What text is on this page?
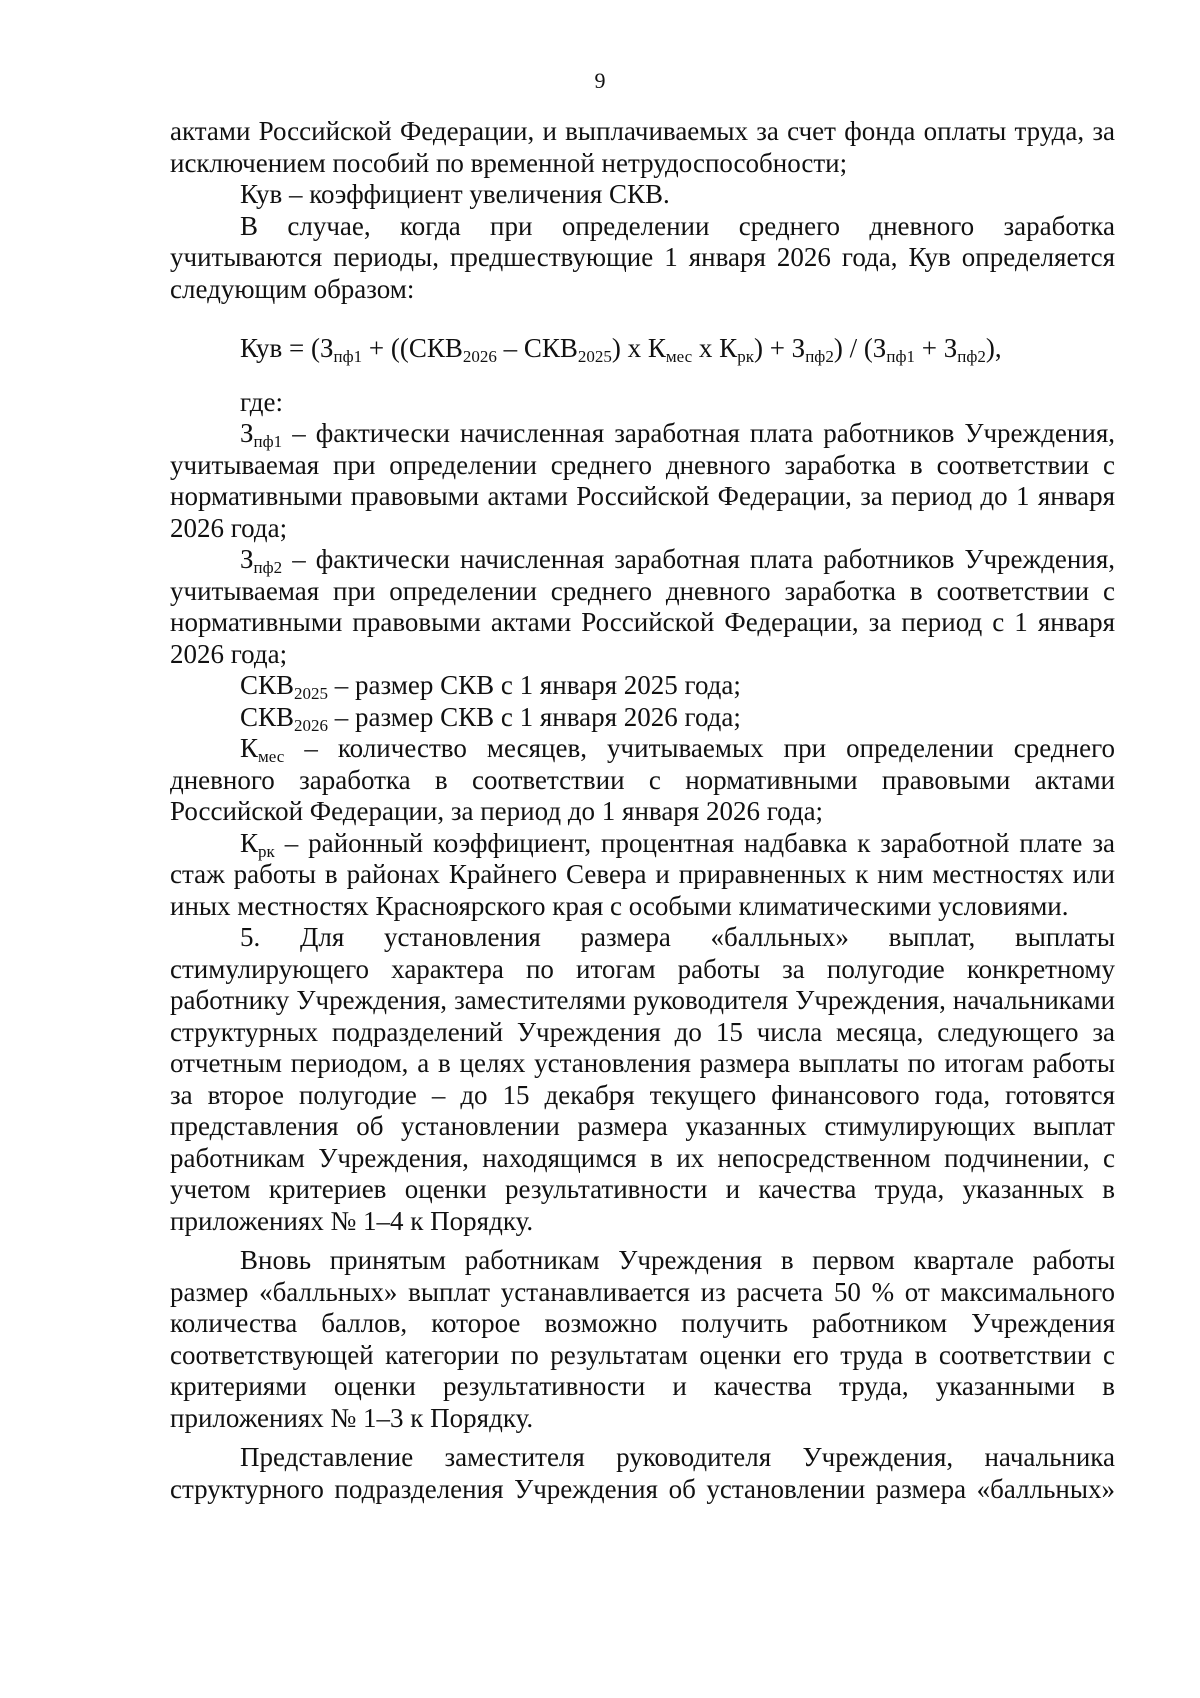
9

актами Российской Федерации, и выплачиваемых за счет фонда оплаты труда, за исключением пособий по временной нетрудоспособности;

Кув – коэффициент увеличения СКВ.

В случае, когда при определении среднего дневного заработка учитываются периоды, предшествующие 1 января 2026 года, Кув определяется следующим образом:

Кув = ($З_{пф1} + ((СКВ_{2026} - СКВ_{2025})$ х $К_{мес}$ х $К_{рк}) + З_{пф2}) / (З_{пф1} + З_{пф2})$,

где:

$З_{пф1}$ – фактически начисленная заработная плата работников Учреждения, учитываемая при определении среднего дневного заработка в соответствии с нормативными правовыми актами Российской Федерации, за период до 1 января 2026 года;

$З_{пф2}$ – фактически начисленная заработная плата работников Учреждения, учитываемая при определении среднего дневного заработка в соответствии с нормативными правовыми актами Российской Федерации, за период с 1 января 2026 года;

$СКВ_{2025}$ – размер СКВ с 1 января 2025 года;

$СКВ_{2026}$ – размер СКВ с 1 января 2026 года;

$К_{мес}$ – количество месяцев, учитываемых при определении среднего дневного заработка в соответствии с нормативными правовыми актами Российской Федерации, за период до 1 января 2026 года;

$К_{рк}$ – районный коэффициент, процентная надбавка к заработной плате за стаж работы в районах Крайнего Севера и приравненных к ним местностях или иных местностях Красноярского края с особыми климатическими условиями.

5. Для установления размера «балльных» выплат, выплаты стимулирующего характера по итогам работы за полугодие конкретному работнику Учреждения, заместителями руководителя Учреждения, начальниками структурных подразделений Учреждения до 15 числа месяца, следующего за отчетным периодом, а в целях установления размера выплаты по итогам работы за второе полугодие – до 15 декабря текущего финансового года, готовятся представления об установлении размера указанных стимулирующих выплат работникам Учреждения, находящимся в их непосредственном подчинении, с учетом критериев оценки результативности и качества труда, указанных в приложениях № 1–4 к Порядку.

Вновь принятым работникам Учреждения в первом квартале работы размер «балльных» выплат устанавливается из расчета 50 % от максимального количества баллов, которое возможно получить работником Учреждения соответствующей категории по результатам оценки его труда в соответствии с критериями оценки результативности и качества труда, указанными в приложениях № 1–3 к Порядку.

Представление заместителя руководителя Учреждения, начальника структурного подразделения Учреждения об установлении размера «балльных»
